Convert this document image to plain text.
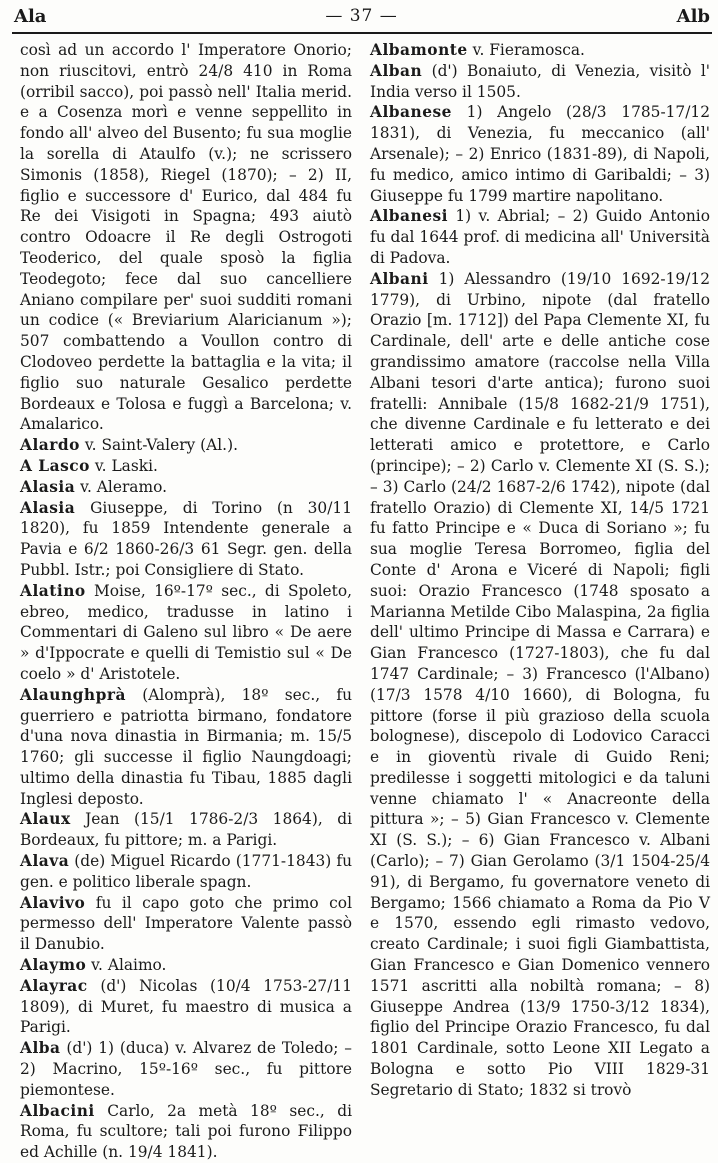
Ala	— 37 —	Alb

così ad un accordo l' Imperatore Onorio; non riuscitovi, entrò 24/8 410 in Roma (orribil sacco), poi passò nell' Italia merid. e a Cosenza morì e venne seppellito in fondo all' alveo del Busento; fu sua moglie la sorella di Ataulfo (v.); ne scrissero Simonis (1858), Riegel (1870); – 2) II, figlio e successore d' Eurico, dal 484 fu Re dei Visigoti in Spagna; 493 aiutò contro Odoacre il Re degli Ostrogoti Teoderico, del quale sposò la figlia Teodegoto; fece dal suo cancelliere Aniano compilare per' suoi sudditi romani un codice (« Breviarium Alaricianum »); 507 combattendo a Voullon contro di Clodoveo perdette la battaglia e la vita; il figlio suo naturale Gesalico perdette Bordeaux e Tolosa e fuggì a Barcelona; v. Amalarico.

Alardo v. Saint-Valery (Al.).

A Lasco v. Laski.

Alasia v. Aleramo.

Alasia Giuseppe, di Torino (n 30/11 1820), fu 1859 Intendente generale a Pavia e 6/2 1860-26/3 61 Segr. gen. della Pubbl. Istr.; poi Consigliere di Stato.

Alatino Moise, 16º-17º sec., di Spoleto, ebreo, medico, tradusse in latino i Commentari di Galeno sul libro « De aere » d'Ippocrate e quelli di Temistio sul « De coelo » d' Aristotele.

Alaunghprà (Alomprà), 18º sec., fu guerriero e patriotta birmano, fondatore d'una nova dinastia in Birmania; m. 15/5 1760; gli successe il figlio Naungdoagi; ultimo della dinastia fu Tibau, 1885 dagli Inglesi deposto.

Alaux Jean (15/1 1786-2/3 1864), di Bordeaux, fu pittore; m. a Parigi.

Alava (de) Miguel Ricardo (1771-1843) fu gen. e politico liberale spagn.

Alavivo fu il capo goto che primo col permesso dell' Imperatore Valente passò il Danubio.

Alaymo v. Alaimo.

Alayrac (d') Nicolas (10/4 1753-27/11 1809), di Muret, fu maestro di musica a Parigi.

Alba (d') 1) (duca) v. Alvarez de Toledo; – 2) Macrino, 15º-16º sec., fu pittore piemontese.

Albacini Carlo, 2a metà 18º sec., di Roma, fu scultore; tali poi furono Filippo ed Achille (n. 19/4 1841).

Albamonte v. Fieramosca.

Alban (d') Bonaiuto, di Venezia, visitò l' India verso il 1505.

Albanese 1) Angelo (28/3 1785-17/12 1831), di Venezia, fu meccanico (all' Arsenale); – 2) Enrico (1831-89), di Napoli, fu medico, amico intimo di Garibaldi; – 3) Giuseppe fu 1799 martire napolitano.

Albanesi 1) v. Abrial; – 2) Guido Antonio fu dal 1644 prof. di medicina all' Università di Padova.

Albani 1) Alessandro (19/10 1692-19/12 1779), di Urbino, nipote (dal fratello Orazio [m. 1712]) del Papa Clemente XI, fu Cardinale, dell' arte e delle antiche cose grandissimo amatore (raccolse nella Villa Albani tesori d'arte antica); furono suoi fratelli: Annibale (15/8 1682-21/9 1751), che divenne Cardinale e fu letterato e dei letterati amico e protettore, e Carlo (principe); – 2) Carlo v. Clemente XI (S. S.); – 3) Carlo (24/2 1687-2/6 1742), nipote (dal fratello Orazio) di Clemente XI, 14/5 1721 fu fatto Principe e « Duca di Soriano »; fu sua moglie Teresa Borromeo, figlia del Conte d' Arona e Viceré di Napoli; figli suoi: Orazio Francesco (1748 sposato a Marianna Metilde Cibo Malaspina, 2a figlia dell' ultimo Principe di Massa e Carrara) e Gian Francesco (1727-1803), che fu dal 1747 Cardinale; – 3) Francesco (l'Albano) (17/3 1578 4/10 1660), di Bologna, fu pittore (forse il più grazioso della scuola bolognese), discepolo di Lodovico Caracci e in gioventù rivale di Guido Reni; predilesse i soggetti mitologici e da taluni venne chiamato l' « Anacreonte della pittura »; – 5) Gian Francesco v. Clemente XI (S. S.); – 6) Gian Francesco v. Albani (Carlo); – 7) Gian Gerolamo (3/1 1504-25/4 91), di Bergamo, fu governatore veneto di Bergamo; 1566 chiamato a Roma da Pio V e 1570, essendo egli rimasto vedovo, creato Cardinale; i suoi figli Giambattista, Gian Francesco e Gian Domenico vennero 1571 ascritti alla nobiltà romana; – 8) Giuseppe Andrea (13/9 1750-3/12 1834), figlio del Principe Orazio Francesco, fu dal 1801 Cardinale, sotto Leone XII Legato a Bologna e sotto Pio VIII 1829-31 Segretario di Stato; 1832 si trovò
